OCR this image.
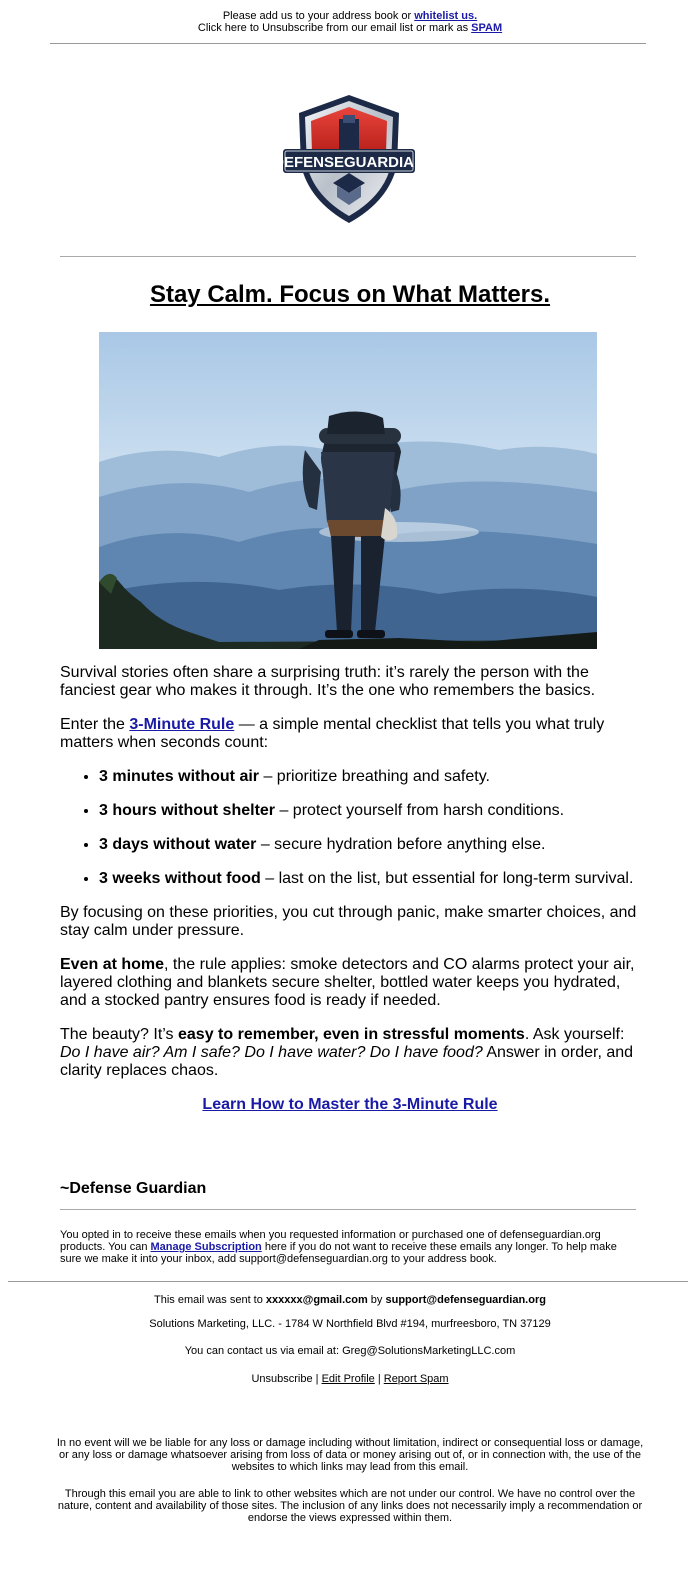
Please add us to your address book or whitelist us.
Click here to Unsubscribe from our email list or mark as SPAM
DEFENSEGUARDIAN
Stay Calm. Focus on What Matters.

Survival stories often share a surprising truth: it’s rarely the person with the fanciest gear who makes it through. It’s the one who remembers the basics.

Enter the 3-Minute Rule — a simple mental checklist that tells you what truly matters when seconds count:

• 3 minutes without air – prioritize breathing and safety.
• 3 hours without shelter – protect yourself from harsh conditions.
• 3 days without water – secure hydration before anything else.
• 3 weeks without food – last on the list, but essential for long-term survival.

By focusing on these priorities, you cut through panic, make smarter choices, and stay calm under pressure.

Even at home, the rule applies: smoke detectors and CO alarms protect your air, layered clothing and blankets secure shelter, bottled water keeps you hydrated, and a stocked pantry ensures food is ready if needed.

The beauty? It’s easy to remember, even in stressful moments. Ask yourself: Do I have air? Am I safe? Do I have water? Do I have food? Answer in order, and clarity replaces chaos.

Learn How to Master the 3-Minute Rule
~Defense Guardian
You opted in to receive these emails when you requested information or purchased one of defenseguardian.org products. You can Manage Subscription here if you do not want to receive these emails any longer. To help make sure we make it into your inbox, add support@defenseguardian.org to your address book.
This email was sent to xxxxxx@gmail.com by support@defenseguardian.org
Solutions Marketing, LLC. - 1784 W Northfield Blvd #194, murfreesboro, TN 37129
You can contact us via email at: Greg@SolutionsMarketingLLC.com
Unsubscribe | Edit Profile | Report Spam
In no event will we be liable for any loss or damage including without limitation, indirect or consequential loss or damage, or any loss or damage whatsoever arising from loss of data or money arising out of, or in connection with, the use of the websites to which links may lead from this email.
Through this email you are able to link to other websites which are not under our control. We have no control over the nature, content and availability of those sites. The inclusion of any links does not necessarily imply a recommendation or endorse the views expressed within them.
